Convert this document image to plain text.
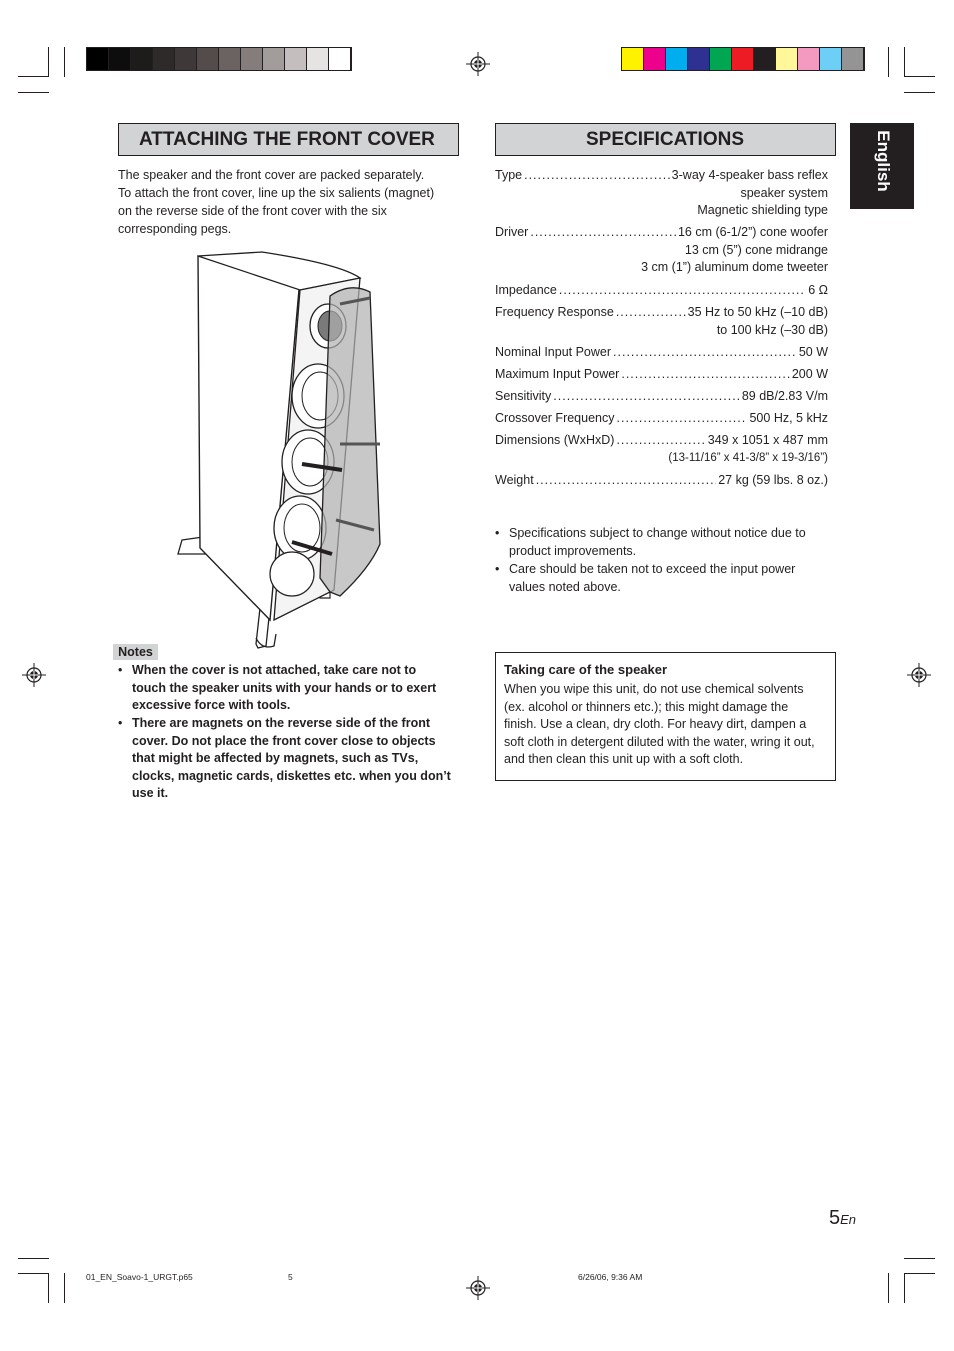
English
ATTACHING THE FRONT COVER
The speaker and the front cover are packed separately.
To attach the front cover, line up the six salients (magnet)
on the reverse side of the front cover with the six
corresponding pegs.
Notes
• When the cover is not attached, take care not to
touch the speaker units with your hands or to exert
excessive force with tools.
• There are magnets on the reverse side of the front
cover. Do not place the front cover close to objects
that might be affected by magnets, such as TVs,
clocks, magnetic cards, diskettes etc. when you don’t
use it.
SPECIFICATIONS
Type .....	3-way 4-speaker bass reflex
speaker system
Magnetic shielding type
Driver .....	16 cm (6-1/2”) cone woofer
13 cm (5”) cone midrange
3 cm (1”) aluminum dome tweeter
Impedance .....	6 Ω
Frequency Response .....	35 Hz to 50 kHz (–10 dB)
to 100 kHz (–30 dB)
Nominal Input Power .....	50 W
Maximum Input Power .....	200 W
Sensitivity .....	89 dB/2.83 V/m
Crossover Frequency .....	500 Hz, 5 kHz
Dimensions (WxHxD) .....	349 x 1051 x 487 mm
(13-11/16” x 41-3/8” x 19-3/16”)
Weight .....	27 kg (59 lbs. 8 oz.)
• Specifications subject to change without notice due to
product improvements.
• Care should be taken not to exceed the input power
values noted above.
Taking care of the speaker
When you wipe this unit, do not use chemical solvents
(ex. alcohol or thinners etc.); this might damage the
finish. Use a clean, dry cloth. For heavy dirt, dampen a
soft cloth in detergent diluted with the water, wring it out,
and then clean this unit up with a soft cloth.
5En
01_EN_Soavo-1_URGT.p65	5	6/26/06, 9:36 AM
